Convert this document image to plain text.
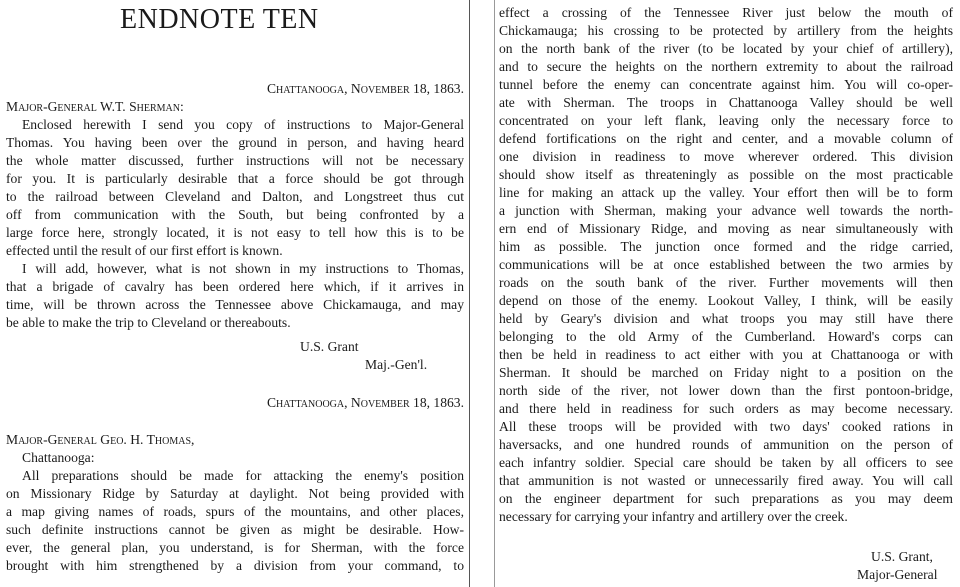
ENDNOTE TEN
Chattanooga, November 18, 1863.
Major-General W.T. Sherman:
Enclosed herewith I send you copy of instructions to Major-General
Thomas. You having been over the ground in person, and having heard
the whole matter discussed, further instructions will not be necessary
for you. It is particularly desirable that a force should be got through
to the railroad between Cleveland and Dalton, and Longstreet thus cut
off from communication with the South, but being confronted by a
large force here, strongly located, it is not easy to tell how this is to be
effected until the result of our first effort is known.
I will add, however, what is not shown in my instructions to Thomas,
that a brigade of cavalry has been ordered here which, if it arrives in
time, will be thrown across the Tennessee above Chickamauga, and may
be able to make the trip to Cleveland or thereabouts.
U.S. Grant
Maj.-Gen'l.
Chattanooga, November 18, 1863.
Major-General Geo. H. Thomas,
Chattanooga:
All preparations should be made for attacking the enemy's position
on Missionary Ridge by Saturday at daylight. Not being provided with
a map giving names of roads, spurs of the mountains, and other places,
such definite instructions cannot be given as might be desirable. How-
ever, the general plan, you understand, is for Sherman, with the force
brought with him strengthened by a division from your command, to
effect a crossing of the Tennessee River just below the mouth of
Chickamauga; his crossing to be protected by artillery from the heights
on the north bank of the river (to be located by your chief of artillery),
and to secure the heights on the northern extremity to about the railroad
tunnel before the enemy can concentrate against him. You will co-oper-
ate with Sherman. The troops in Chattanooga Valley should be well
concentrated on your left flank, leaving only the necessary force to
defend fortifications on the right and center, and a movable column of
one division in readiness to move wherever ordered. This division
should show itself as threateningly as possible on the most practicable
line for making an attack up the valley. Your effort then will be to form
a junction with Sherman, making your advance well towards the north-
ern end of Missionary Ridge, and moving as near simultaneously with
him as possible. The junction once formed and the ridge carried,
communications will be at once established between the two armies by
roads on the south bank of the river. Further movements will then
depend on those of the enemy. Lookout Valley, I think, will be easily
held by Geary's division and what troops you may still have there
belonging to the old Army of the Cumberland. Howard's corps can
then be held in readiness to act either with you at Chattanooga or with
Sherman. It should be marched on Friday night to a position on the
north side of the river, not lower down than the first pontoon-bridge,
and there held in readiness for such orders as may become necessary.
All these troops will be provided with two days' cooked rations in
haversacks, and one hundred rounds of ammunition on the person of
each infantry soldier. Special care should be taken by all officers to see
that ammunition is not wasted or unnecessarily fired away. You will call
on the engineer department for such preparations as you may deem
necessary for carrying your infantry and artillery over the creek.
U.S. Grant,
Major-General
